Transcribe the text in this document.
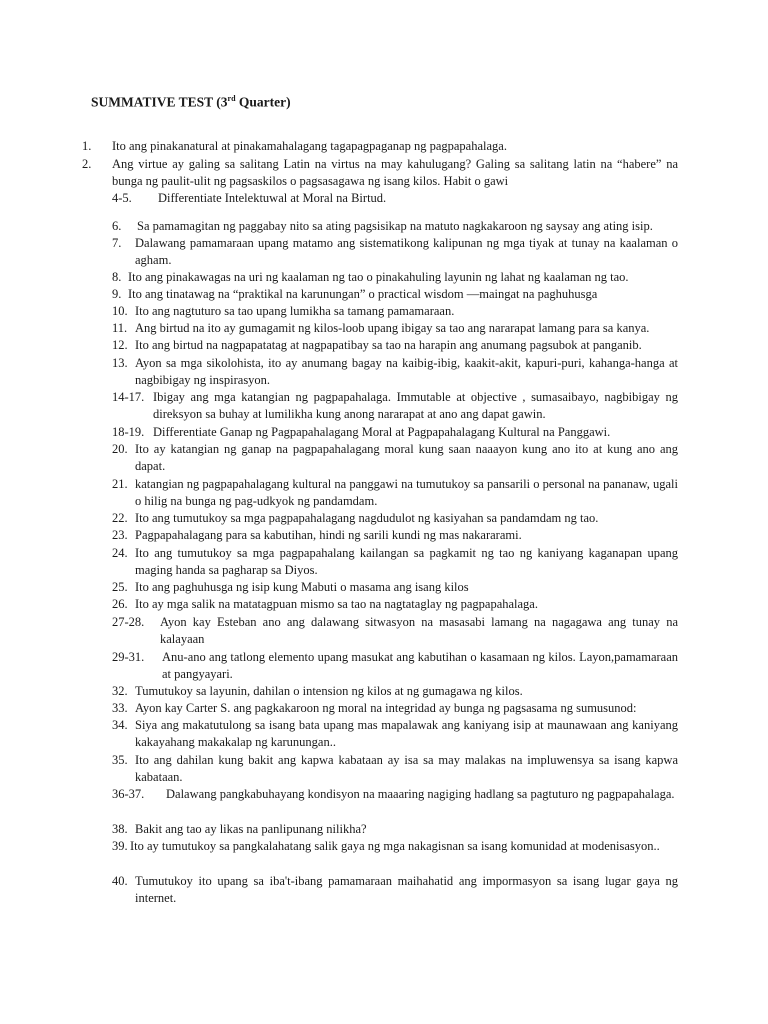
SUMMATIVE TEST (3rd Quarter)
1. Ito ang pinakanatural at pinakamahalagang tagapagpaganap ng pagpapahalaga.
2. Ang virtue ay galing sa salitang Latin na virtus na may kahulugang? Galing sa salitang latin na “habere” na bunga ng paulit-ulit ng pagsaskilos o pagsasagawa ng isang kilos. Habit o gawi
4-5. Differentiate Intelektuwal at Moral na Birtud.
6. Sa pamamagitan ng paggabay nito sa ating pagsisikap na matuto nagkakaroon ng saysay ang ating isip.
7. Dalawang pamamaraan upang matamo ang sistematikong kalipunan ng mga tiyak at tunay na kaalaman o agham.
8. Ito ang pinakawagas na uri ng kaalaman ng tao o pinakahuling layunin ng lahat ng kaalaman ng tao.
9. Ito ang tinatawag na “praktikal na karunungan” o practical wisdom —maingat na paghuhusga
10. Ito ang nagtuturo sa tao upang lumikha sa tamang pamamaraan.
11. Ang birtud na ito ay gumagamit ng kilos-loob upang ibigay sa tao ang nararapat lamang para sa kanya.
12. Ito ang birtud na nagpapatatag at nagpapatibay sa tao na harapin ang anumang pagsubok at panganib.
13. Ayon sa mga sikolohista, ito ay anumang bagay na kaibig-ibig, kaakit-akit, kapuri-puri, kahanga-hanga at nagbibigay ng inspirasyon.
14-17. Ibigay ang mga katangian ng pagpapahalaga. Immutable at objective , sumasaibayo, nagbibigay ng direksyon sa buhay at lumilikha kung anong nararapat at ano ang dapat gawin.
18-19. Differentiate Ganap ng Pagpapahalagang Moral at Pagpapahalagang Kultural na Panggawi.
20. Ito ay katangian ng ganap na pagpapahalagang moral kung saan naaayon kung ano ito at kung ano ang dapat.
21. katangian ng pagpapahalagang kultural na panggawi na tumutukoy sa pansarili o personal na pananaw, ugali o hilig na bunga ng pag-udkyok ng pandamdam.
22. Ito ang tumutukoy sa mga pagpapahalagang nagdudulot ng kasiyahan sa pandamdam ng tao.
23. Pagpapahalagang para sa kabutihan, hindi ng sarili kundi ng mas nakararami.
24. Ito ang tumutukoy sa mga pagpapahalang kailangan sa pagkamit ng tao ng kaniyang kaganapan upang maging handa sa pagharap sa Diyos.
25. Ito ang paghuhusga ng isip kung Mabuti o masama ang isang kilos
26. Ito ay mga salik na matatagpuan mismo sa tao na nagtataglay ng pagpapahalaga.
27-28. Ayon kay Esteban ano ang dalawang sitwasyon na masasabi lamang na nagagawa ang tunay na kalayaan
29-31. Anu-ano ang tatlong elemento upang masukat ang kabutihan o kasamaan ng kilos. Layon,pamamaraan at pangyayari.
32. Tumutukoy sa layunin, dahilan o intension ng kilos at ng gumagawa ng kilos.
33. Ayon kay Carter S. ang pagkakaroon ng moral na integridad ay bunga ng pagsasama ng sumusunod:
34. Siya ang makatutulong sa isang bata upang mas mapalawak ang kaniyang isip at maunawaan ang kaniyang kakayahang makakalap ng karunungan..
35. Ito ang dahilan kung bakit ang kapwa kabataan ay isa sa may malakas na impluwensya sa isang kapwa kabataan.
36-37. Dalawang pangkabuhayang kondisyon na maaaring nagiging hadlang sa pagtuturo ng pagpapahalaga.
38. Bakit ang tao ay likas na panlipunang nilikha?
39. Ito ay tumutukoy sa pangkalahatang salik gaya ng mga nakagisnan sa isang komunidad at modenisasyon..
40. Tumutukoy ito upang sa iba't-ibang pamamaraan maihahatid ang impormasyon sa isang lugar gaya ng internet.
